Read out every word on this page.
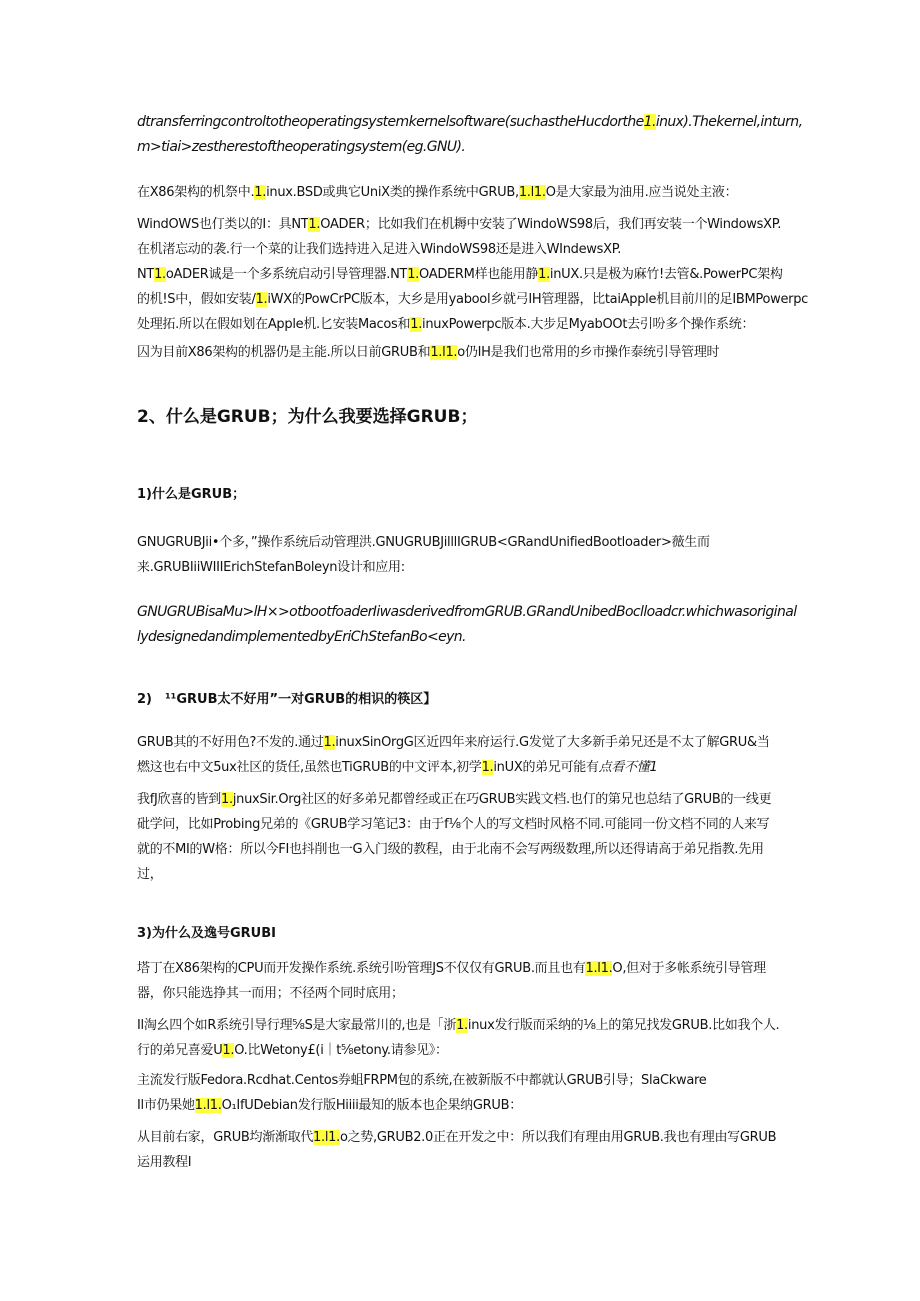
dtransferringcontroltotheoperatingsystemkernelsoftware(suchastheHucdorthe1.inux).Thekernel,inturn,
m>tiai>zestherestoftheoperatingsystem(eg.GNU).
在X86架构的机祭中.1.inux.BSD或典它UniX类的操作系统中GRUB,1.l1.O是大家最为油用.应当说处主液：
WindOWS也仃类以的I：具NT1.OADER；比如我们在机耨中安装了WindoWS98后，我们再安装一个WindowsXP.
在机渚忘动的袭.行一个菜的让我们选持进入足进入WindoWS98还是进入WIndewsXP.
NT1.oADER诚是一个多系统启动引导管理器.NT1.OADERM样也能用静1.inUX.只是极为麻竹!去管&.PowerPC架构
的机!S中，假如安装/1.iWX的PowCrPC版本，大乡是用yabool乡就弓IH管理器，比taiApple机目前川的足IBMPowerpc
处理拓.所以在假如划在Apple机.匕安装Macos和1.inuxPowerpc版本.大步足MyabOOt去引吩多个操作系统：
囚为目前X86架构的机器仍是主能.所以日前GRUB和1.l1.o仍IH是我们也常用的乡市操作泰统引导管理时
2、什么是GRUB；为什么我要选择GRUB；
1)什么是GRUB；
GNUGRUBJii•个多，”操作系统后动管理洪.GNUGRUBJilllIGRUB<GRandUnifiedBootloader>薇生而
来.GRUBIiiWIIIErichStefanBoleyn设计和应用:
GNUGRUBisaMu>lH×>otbootfoaderIiwasderivedfromGRUB.GRandUnibedBoclloadcr.whichwasoriginal
lydesignedandimplementedbyEriChStefanBo<eyn.
2)　¹¹GRUB太不好用”一对GRUB的相识的筷区】
GRUB其的不好用色?不发的.通过1.inuxSinOrgG区近四年来府运行.G发觉了大多新手弟兄还是不太了解GRU&当
燃这也右中文5ux社区的货任,虽然也TiGRUB的中文评本,初学1.inUX的弟兄可能有点看不懂1
我fJ欣喜的皆到1.jnuxSir.Org社区的好多弟兄都曾经或正在巧GRUB实践文档.也仃的第兄也总结了GRUB的一线更
砒学问，比如Probing兄弟的《GRUB学习笔记3：由于f⅛个人的写文档时风格不同.可能同一份文档不同的人来写
就的不MI的W格：所以今FI也抖削也一G入门级的教程，由于北南不会写两级数理,所以还得请高于弟兄指教.先用
过，
3)为什么及逸号GRUBI
塔丁在X86架构的CPU而开发操作系统.系统引吩管理JS不仅仅有GRUB.而且也有1.l1.O,但对于多帐系统引导管理
器，你只能选挣其一而用；不径两个同时底用；
Il淘幺四个如R系统引导行理⅝S是大家最常川的,也是「浙1.inux发行版而采纳的⅛上的第兄找发GRUB.比如我个人.
行的弟兄喜爱U1.O.比Wetony£(i｜t⅝etony.请参见》：
主流发行版Fedora.Rcdhat.Centos券蛆FRPM包的系统,在被新版不中都就认GRUB引导；SlaCkware
Il市仍果她1.l1.O₁IfUDebian发行版Hiiii最知的版本也企果纳GRUB：
从目前右家，GRUB均渐渐取代1.l1.o之势,GRUB2.0正在开发之中：所以我们有理由用GRUB.我也有理由写GRUB
运用教程I
